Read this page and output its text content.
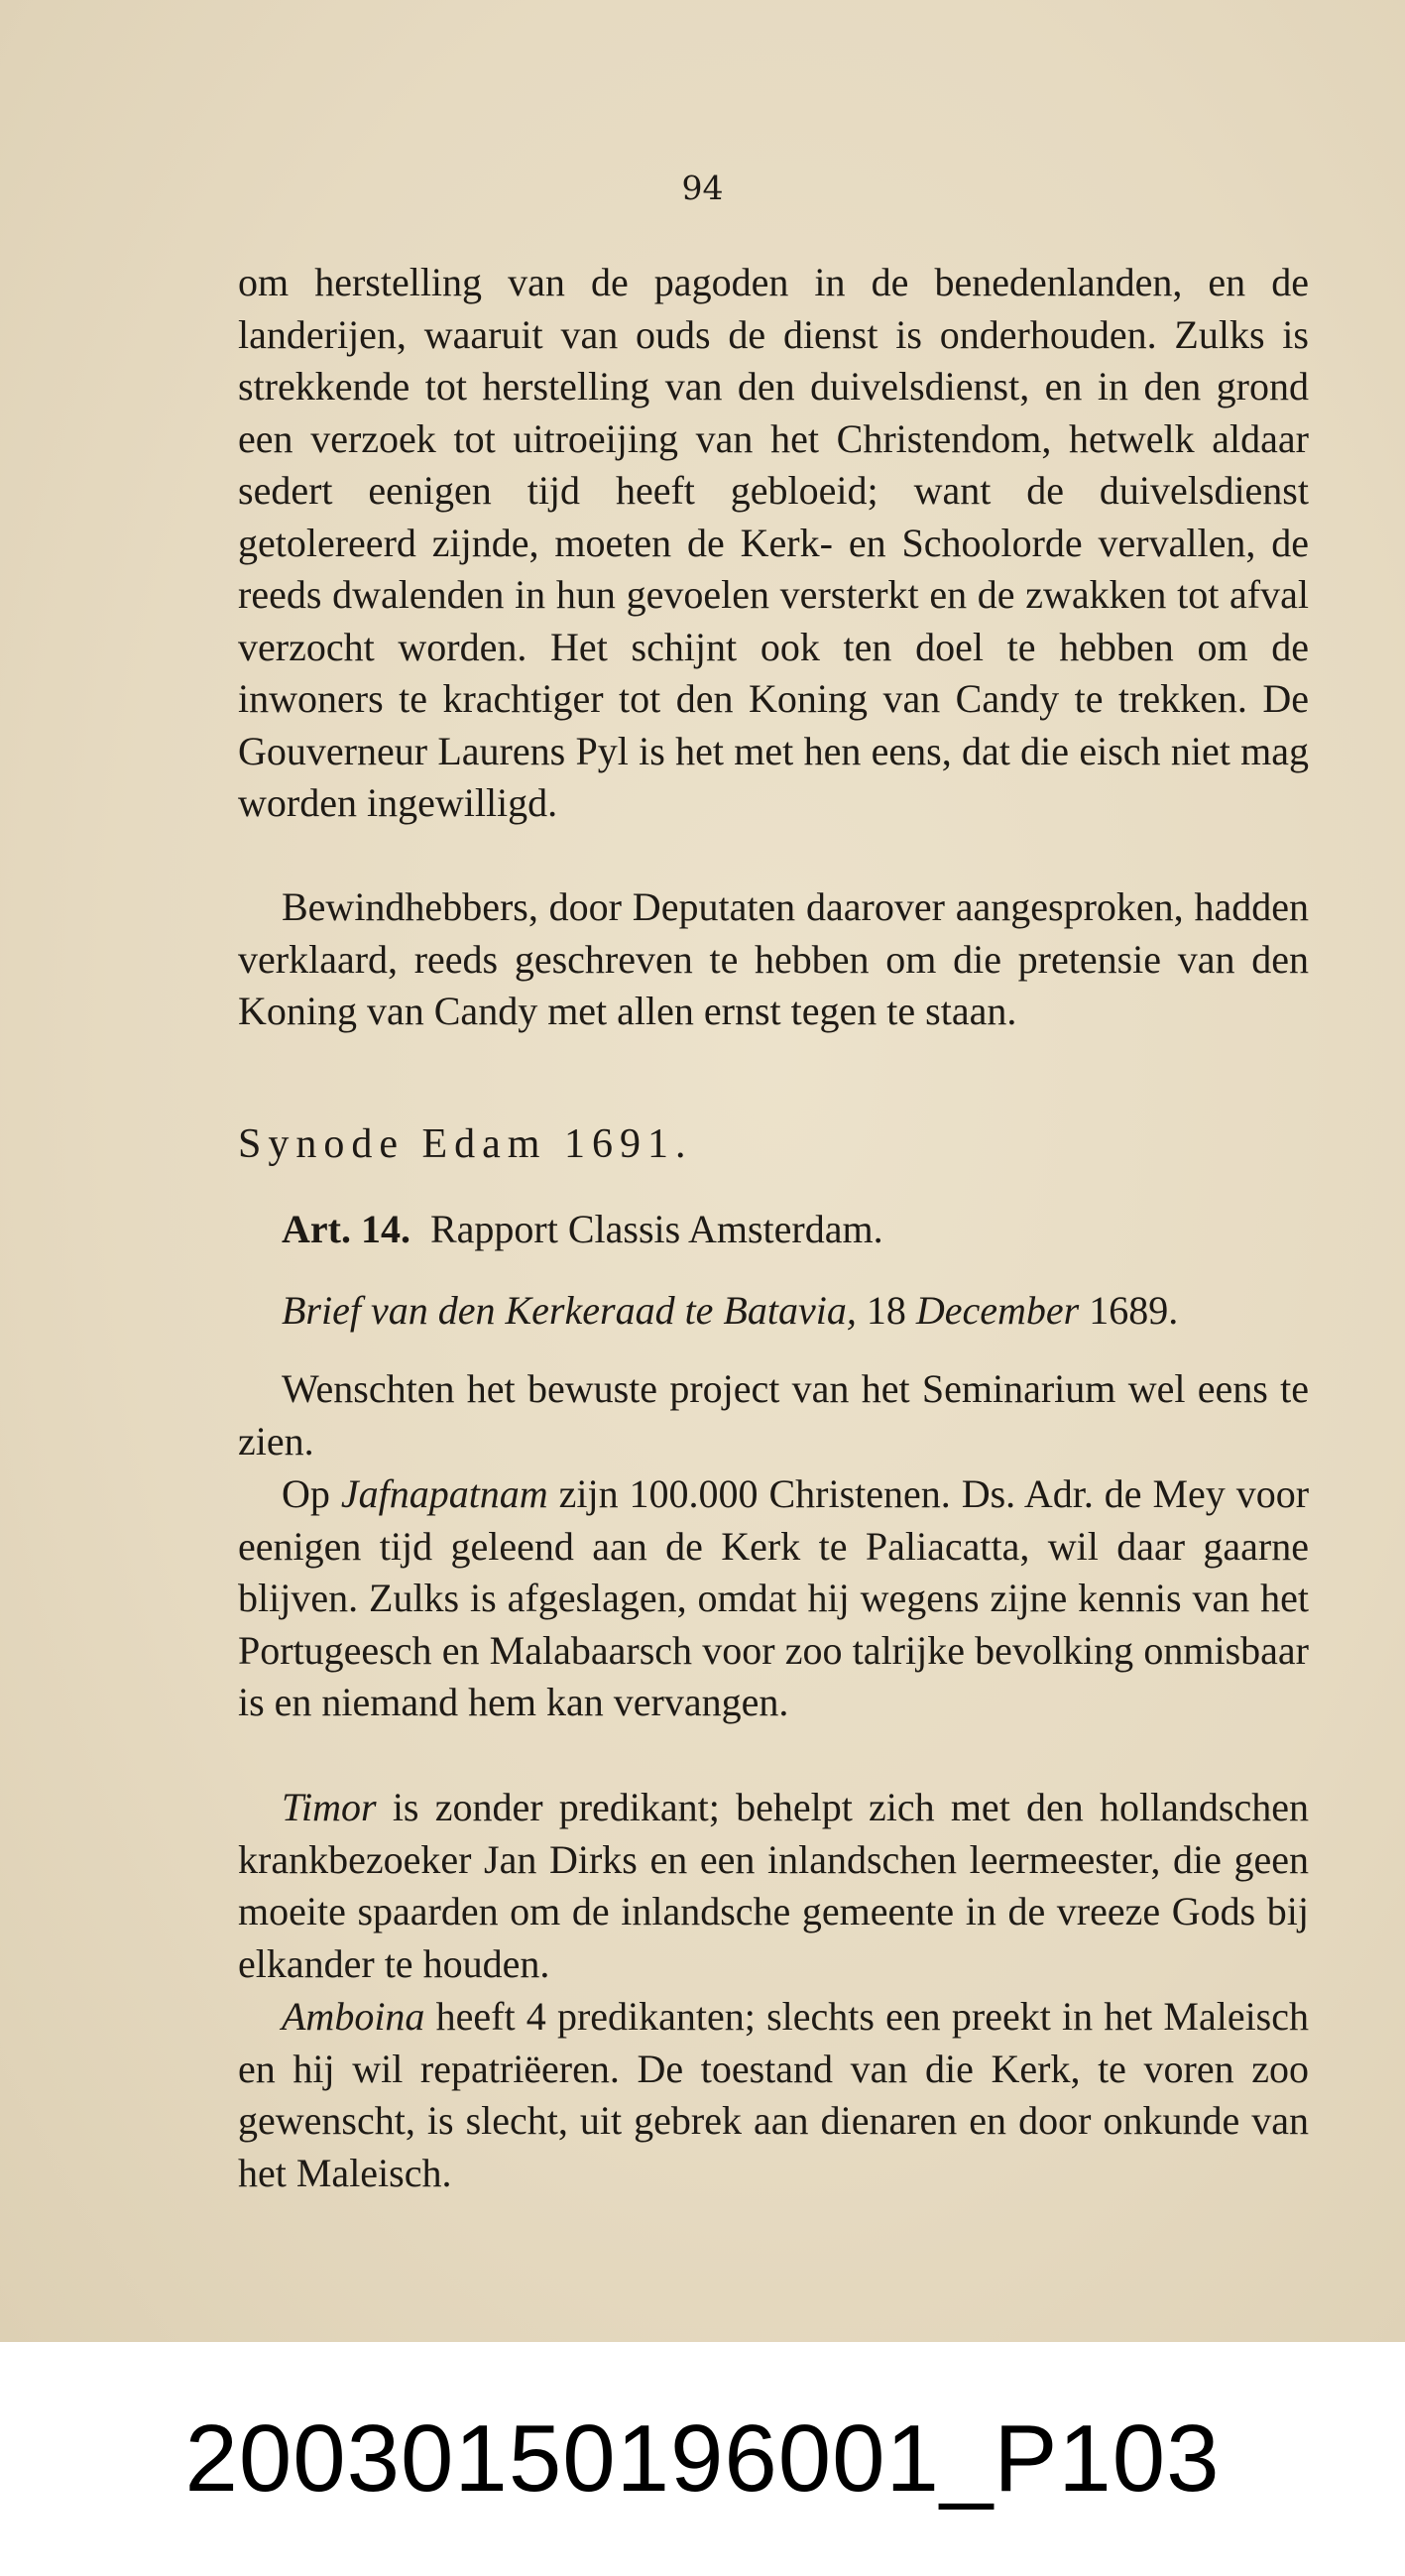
94

om herstelling van de pagoden in de benedenlanden, en de landerijen, waaruit van ouds de dienst is onderhouden. Zulks is strekkende tot herstelling van den duivelsdienst, en in den grond een verzoek tot uitroeijing van het Christendom, hetwelk aldaar sedert eenigen tijd heeft gebloeid; want de duivelsdienst getolereerd zijnde, moeten de Kerk- en Schoolorde vervallen, de reeds dwalenden in hun gevoelen versterkt en de zwakken tot afval verzocht worden. Het schijnt ook ten doel te hebben om de inwoners te krachtiger tot den Koning van Candy te trekken. De Gouverneur Laurens Pyl is het met hen eens, dat die eisch niet mag worden ingewilligd.

Bewindhebbers, door Deputaten daarover aangesproken, hadden verklaard, reeds geschreven te hebben om die pretensie van den Koning van Candy met allen ernst tegen te staan.

Synode Edam 1691.
Art. 14. Rapport Classis Amsterdam.
Brief van den Kerkeraad te Batavia, 18 December 1689.

Wenschten het bewuste project van het Seminarium wel eens te zien.

Op Jafnapatnam zijn 100.000 Christenen. Ds. Adr. de Mey voor eenigen tijd geleend aan de Kerk te Paliacatta, wil daar gaarne blijven. Zulks is afgeslagen, omdat hij wegens zijne kennis van het Portugeesch en Malabaarsch voor zoo talrijke bevolking onmisbaar is en niemand hem kan vervangen.

Timor is zonder predikant; behelpt zich met den hollandschen krankbezoeker Jan Dirks en een inlandschen leermeester, die geen moeite spaarden om de inlandsche gemeente in de vreeze Gods bij elkander te houden.

Amboina heeft 4 predikanten; slechts een preekt in het Maleisch en hij wil repatriëeren. De toestand van die Kerk, te voren zoo gewenscht, is slecht, uit gebrek aan dienaren en door onkunde van het Maleisch.

20030150196001_P103
